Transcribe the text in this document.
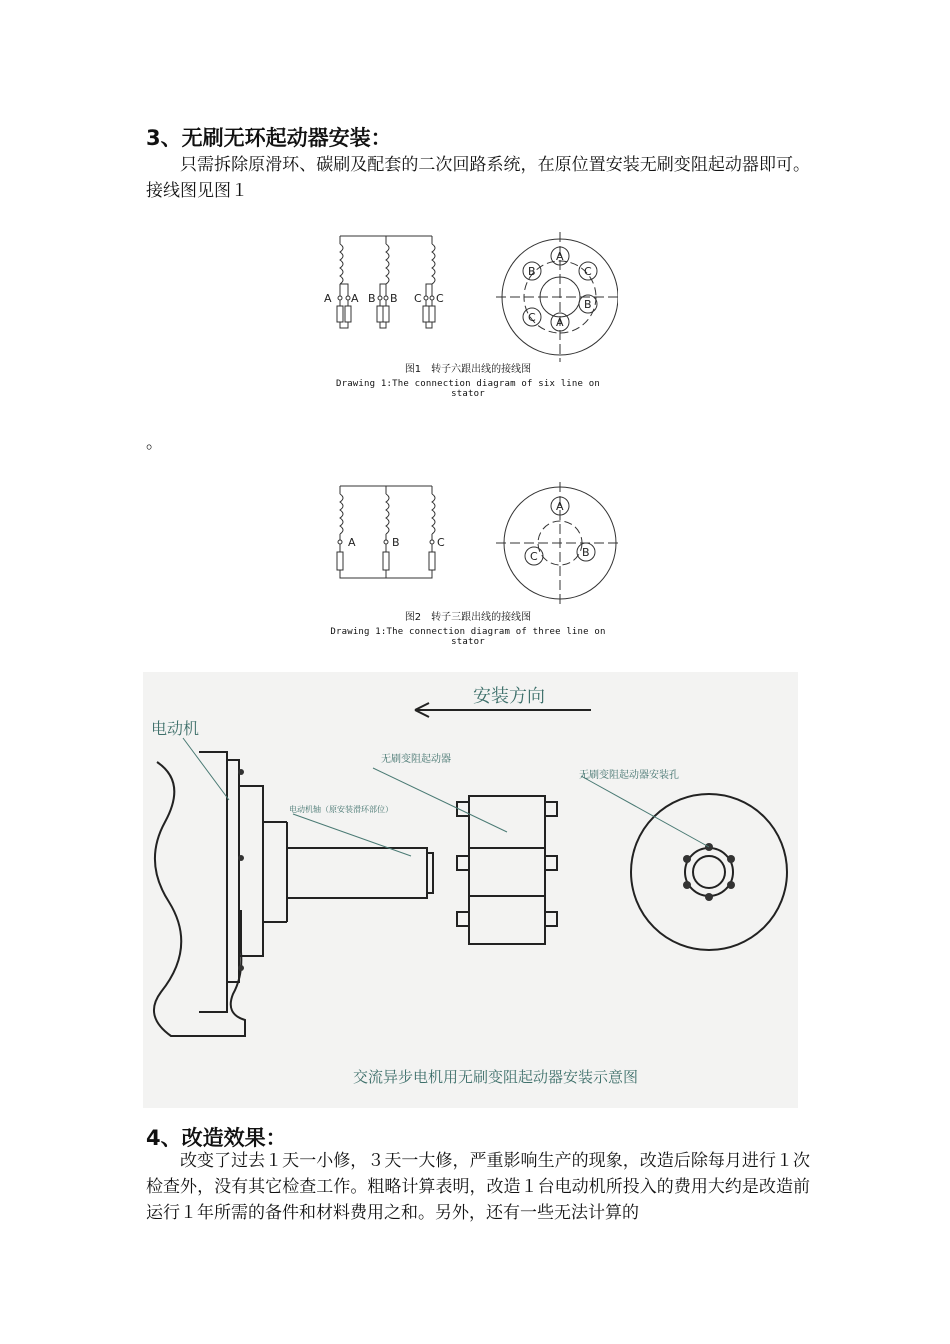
3、无刷无环起动器安装：
只需拆除原滑环、碳刷及配套的二次回路系统，在原位置安装无刷变阻起动器即可。接线图见图１
A A B B C C
A
B	C
C
B
A
图1　转子六跟出线的接线图
Drawing 1:The connection diagram of six line on stator
。
A	B	C
A
C	B
图2　转子三跟出线的接线图
Drawing 1:The connection diagram of three line on stator
安装方向
电动机
无刷变阻起动器
电动机轴（原安装滑环部位）
无刷变阻起动器安装孔
交流异步电机用无刷变阻起动器安装示意图
4、改造效果：
改变了过去１天一小修，３天一大修，严重影响生产的现象，改造后除每月进行１次检查外，没有其它检查工作。粗略计算表明，改造１台电动机所投入的费用大约是改造前运行１年所需的备件和材料费用之和。另外，还有一些无法计算的
